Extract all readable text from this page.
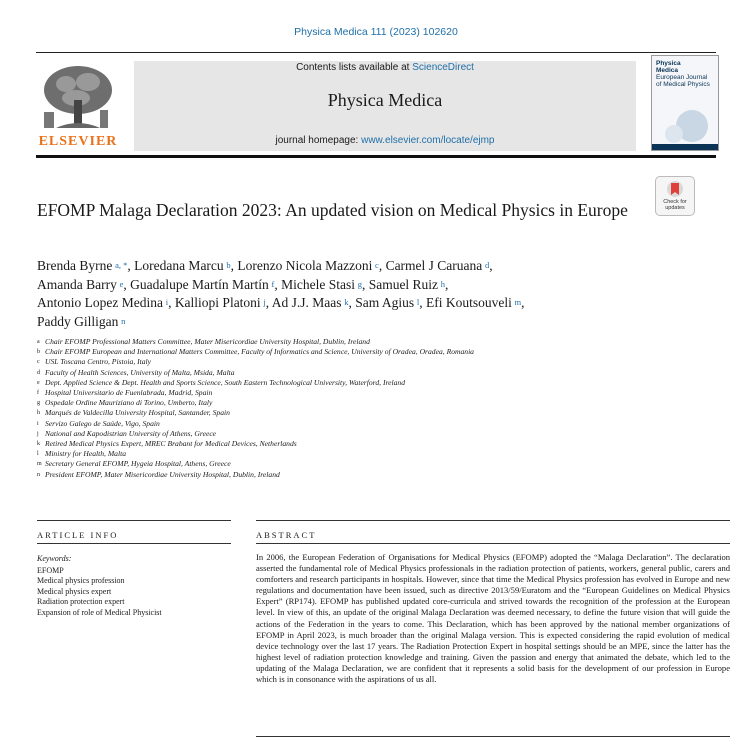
Physica Medica 111 (2023) 102620
ELSEVIER
Contents lists available at ScienceDirect
Physica Medica
journal homepage: www.elsevier.com/locate/ejmp
Physica
Medica
European Journal
of Medical Physics
Check for updates
EFOMP Malaga Declaration 2023: An updated vision on Medical Physics in Europe
Brenda Byrne  $^{a, *}$, Loredana Marcu  $^b$, Lorenzo Nicola Mazzoni  $^c$, Carmel J Caruana  $^d$,
Amanda Barry  $^e$, Guadalupe Martín Martín  $^f$, Michele Stasi  $^g$, Samuel Ruiz  $^h$,
Antonio Lopez Medina  $^i$, Kalliopi Platoni  $^j$, Ad J.J. Maas  $^k$, Sam Agius  $^l$, Efi Koutsouveli  $^m$,
Paddy Gilligan  $^n$
a Chair EFOMP Professional Matters Committee, Mater Misericordiae University Hospital, Dublin, Ireland
b Chair EFOMP European and International Matters Committee, Faculty of Informatics and Science, University of Oradea, Oradea, Romania
c USL Toscana Centro, Pistoia, Italy
d Faculty of Health Sciences, University of Malta, Msida, Malta
e Dept. Applied Science & Dept. Health and Sports Science, South Eastern Technological University, Waterford, Ireland
f Hospital Universitario de Fuenlabrada, Madrid, Spain
g Ospedale Ordine Mauriziano di Torino, Umberto, Italy
h Marqués de Valdecilla University Hospital, Santander, Spain
i Servizo Galego de Saúde, Vigo, Spain
j National and Kapodistrian University of Athens, Greece
k Retired Medical Physics Expert, MREC Brabant for Medical Devices, Netherlands
l Ministry for Health, Malta
m Secretary General EFOMP, Hygeia Hospital, Athens, Greece
n President EFOMP, Mater Misericordiae University Hospital, Dublin, Ireland
ARTICLE INFO	ABSTRACT
Keywords:
EFOMP
Medical physics profession
Medical physics expert
Radiation protection expert
Expansion of role of Medical Physicist
In 2006, the European Federation of Organisations for Medical Physics (EFOMP) adopted the “Malaga Declaration”. The declaration asserted the fundamental role of Medical Physics professionals in the radiation protection of patients, workers, general public, carers and comforters and research participants in hospitals. However, since that time the Medical Physics profession has evolved in Europe and new regulations and documentation have been issued, such as directive 2013/59/Euratom and the “European Guidelines on Medical Physics Expert” (RP174). EFOMP has published updated core-curricula and strived towards the recognition of the profession at the European level. In view of this, an update of the original Malaga Declaration was deemed necessary, to define the future vision that will guide the actions of the Federation in the years to come. This Declaration, which has been approved by the national member organizations of EFOMP in April 2023, is much broader than the original Malaga version. This is expected considering the rapid evolution of medical device technology over the last 17 years. The Radiation Protection Expert in hospital settings should be an MPE, since the latter has the highest level of radiation protection knowledge and training. Given the passion and energy that animated the debate, which led to the updating of the Malaga Declaration, we are confident that it represents a solid basis for the development of our profession in Europe which is in consonance with the aspirations of us all.
